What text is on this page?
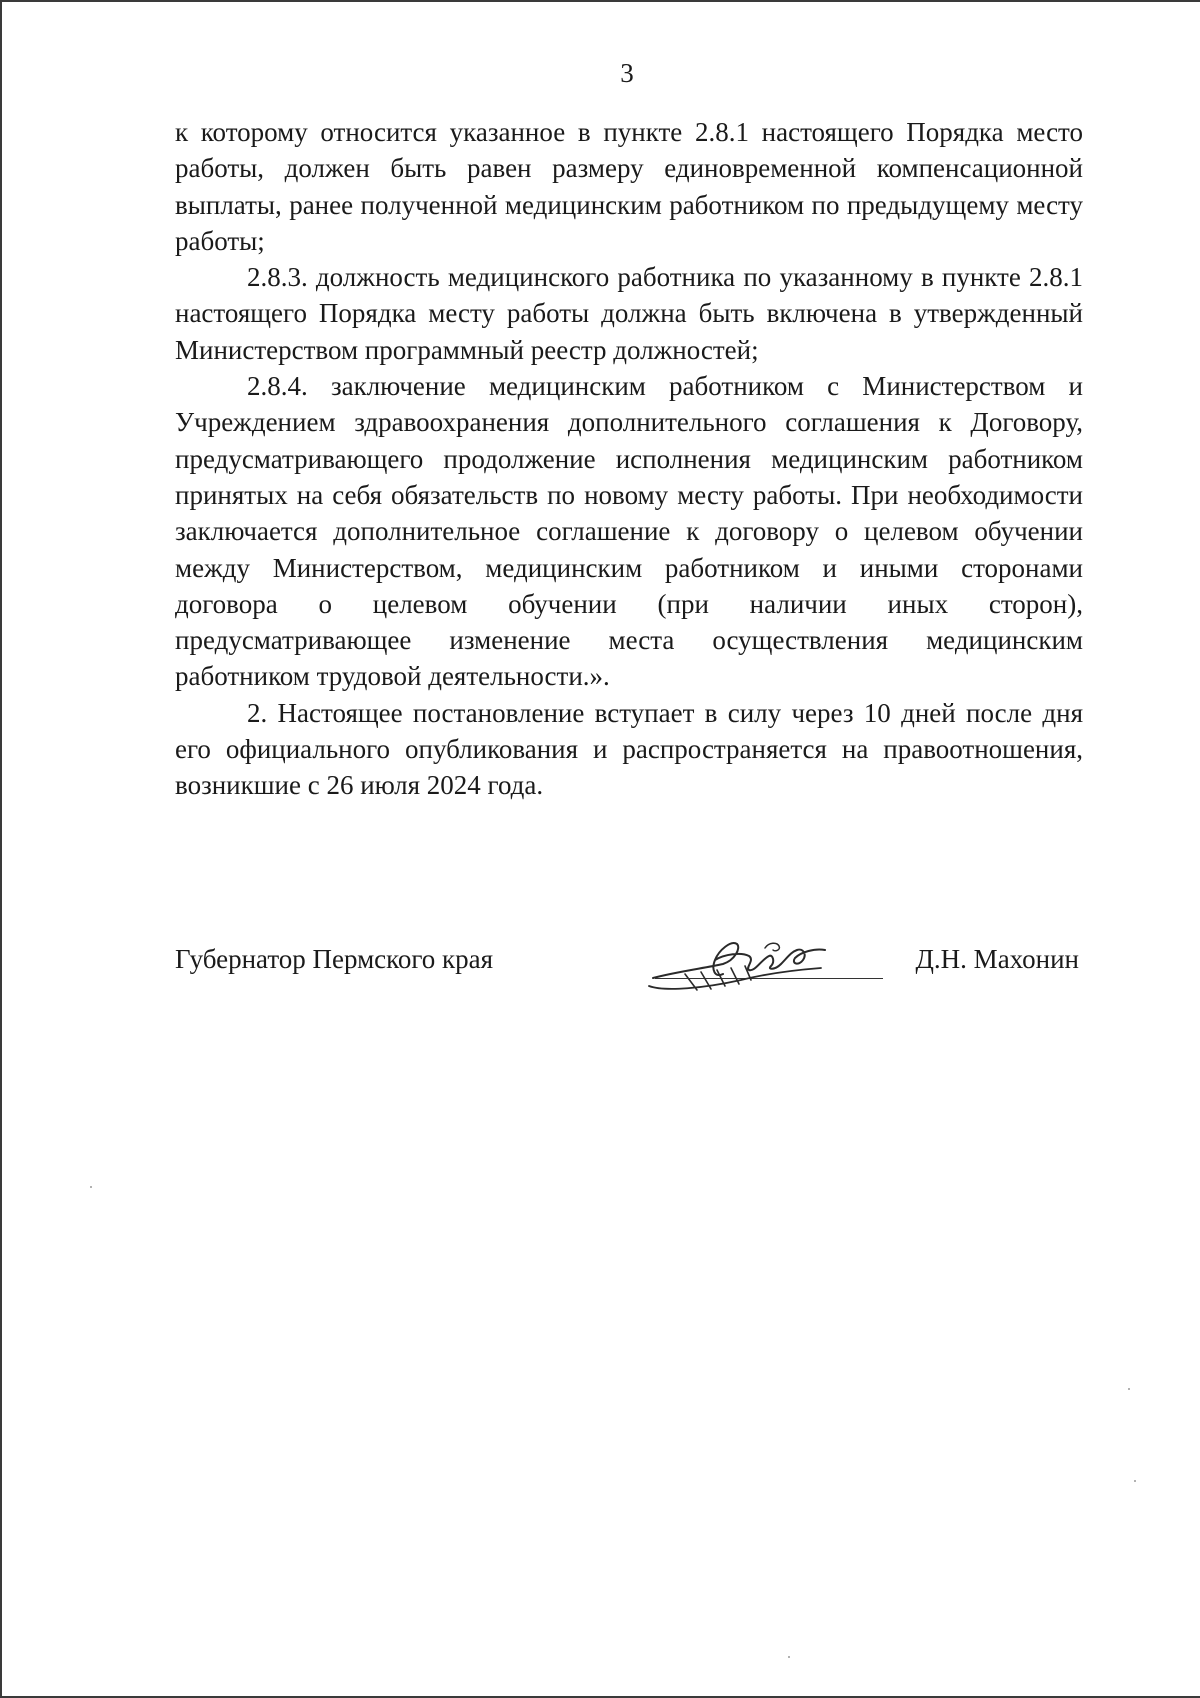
3

к которому относится указанное в пункте 2.8.1 настоящего Порядка место работы, должен быть равен размеру единовременной компенсационной выплаты, ранее полученной медицинским работником по предыдущему месту работы;

2.8.3. должность медицинского работника по указанному в пункте 2.8.1 настоящего Порядка месту работы должна быть включена в утвержденный Министерством программный реестр должностей;

2.8.4. заключение медицинским работником с Министерством и Учреждением здравоохранения дополнительного соглашения к Договору, предусматривающего продолжение исполнения медицинским работником принятых на себя обязательств по новому месту работы. При необходимости заключается дополнительное соглашение к договору о целевом обучении между Министерством, медицинским работником и иными сторонами договора о целевом обучении (при наличии иных сторон), предусматривающее изменение места осуществления медицинским работником трудовой деятельности.».

2. Настоящее постановление вступает в силу через 10 дней после дня его официального опубликования и распространяется на правоотношения, возникшие с 26 июля 2024 года.

Губернатор Пермского края	Д.Н. Махонин
